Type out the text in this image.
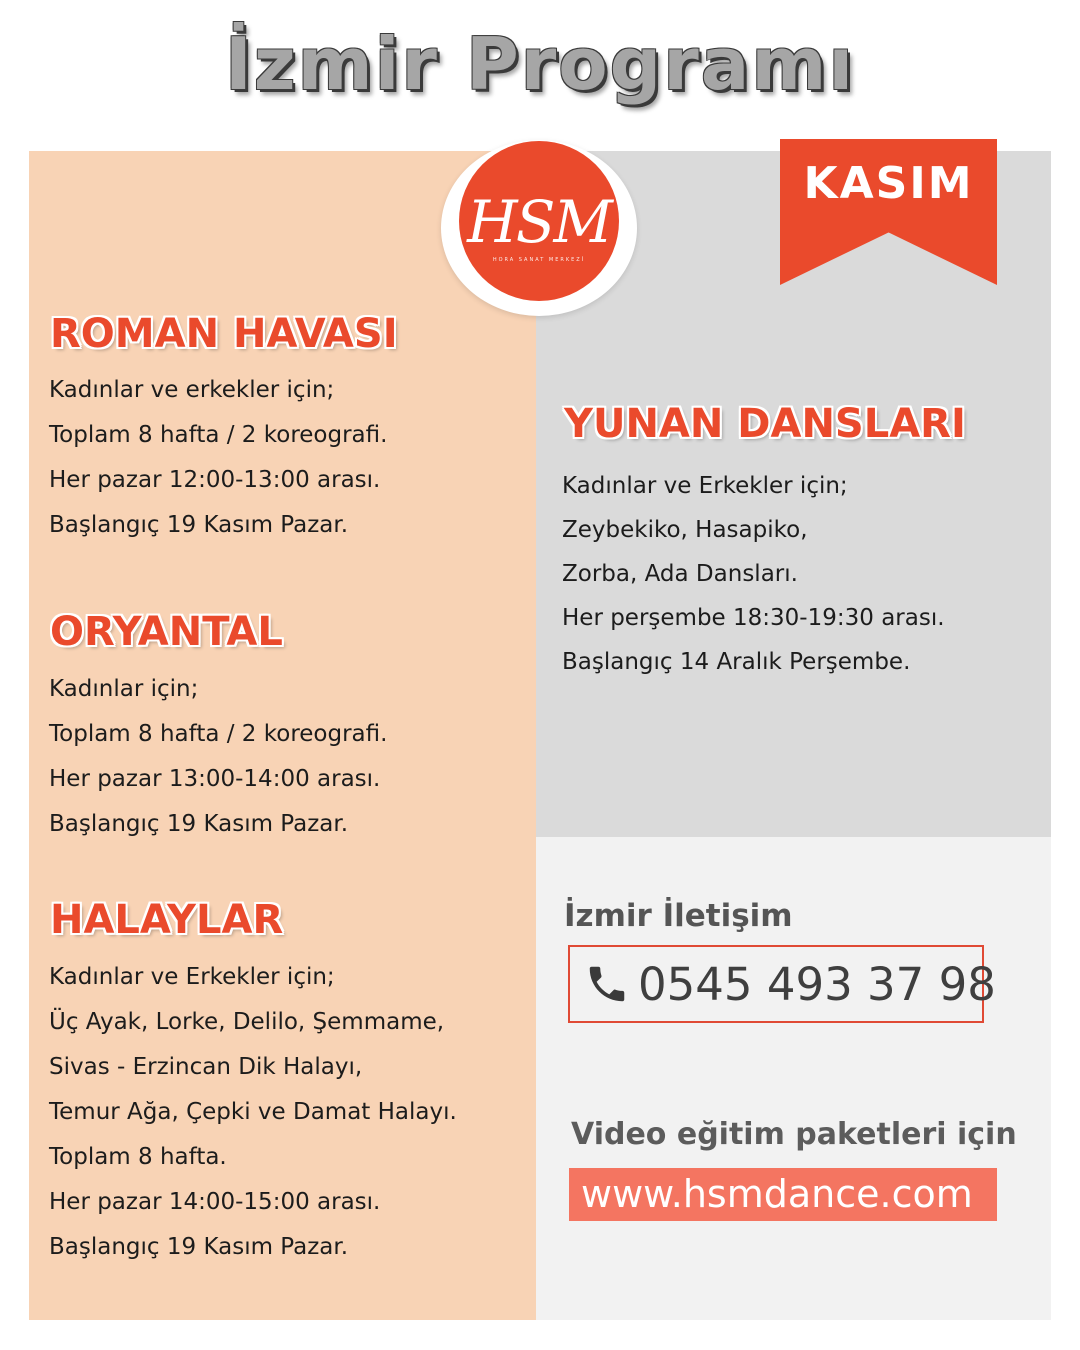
İzmir Programı
HSM
HORA SANAT MERKEZİ
KASIM
ROMAN HAVASI
Kadınlar ve erkekler için;
Toplam 8 hafta / 2 koreografi.
Her pazar 12:00-13:00 arası.
Başlangıç 19 Kasım Pazar.
ORYANTAL
Kadınlar için;
Toplam 8 hafta / 2 koreografi.
Her pazar 13:00-14:00 arası.
Başlangıç 19 Kasım Pazar.
HALAYLAR
Kadınlar ve Erkekler için;
Üç Ayak, Lorke, Delilo, Şemmame,
Sivas - Erzincan Dik Halayı,
Temur Ağa, Çepki ve Damat Halayı.
Toplam 8 hafta.
Her pazar 14:00-15:00 arası.
Başlangıç 19 Kasım Pazar.
YUNAN DANSLARI
Kadınlar ve Erkekler için;
Zeybekiko, Hasapiko,
Zorba, Ada Dansları.
Her perşembe 18:30-19:30 arası.
Başlangıç 14 Aralık Perşembe.
İzmir İletişim
0545 493 37 98
Video eğitim paketleri için
www.hsmdance.com
